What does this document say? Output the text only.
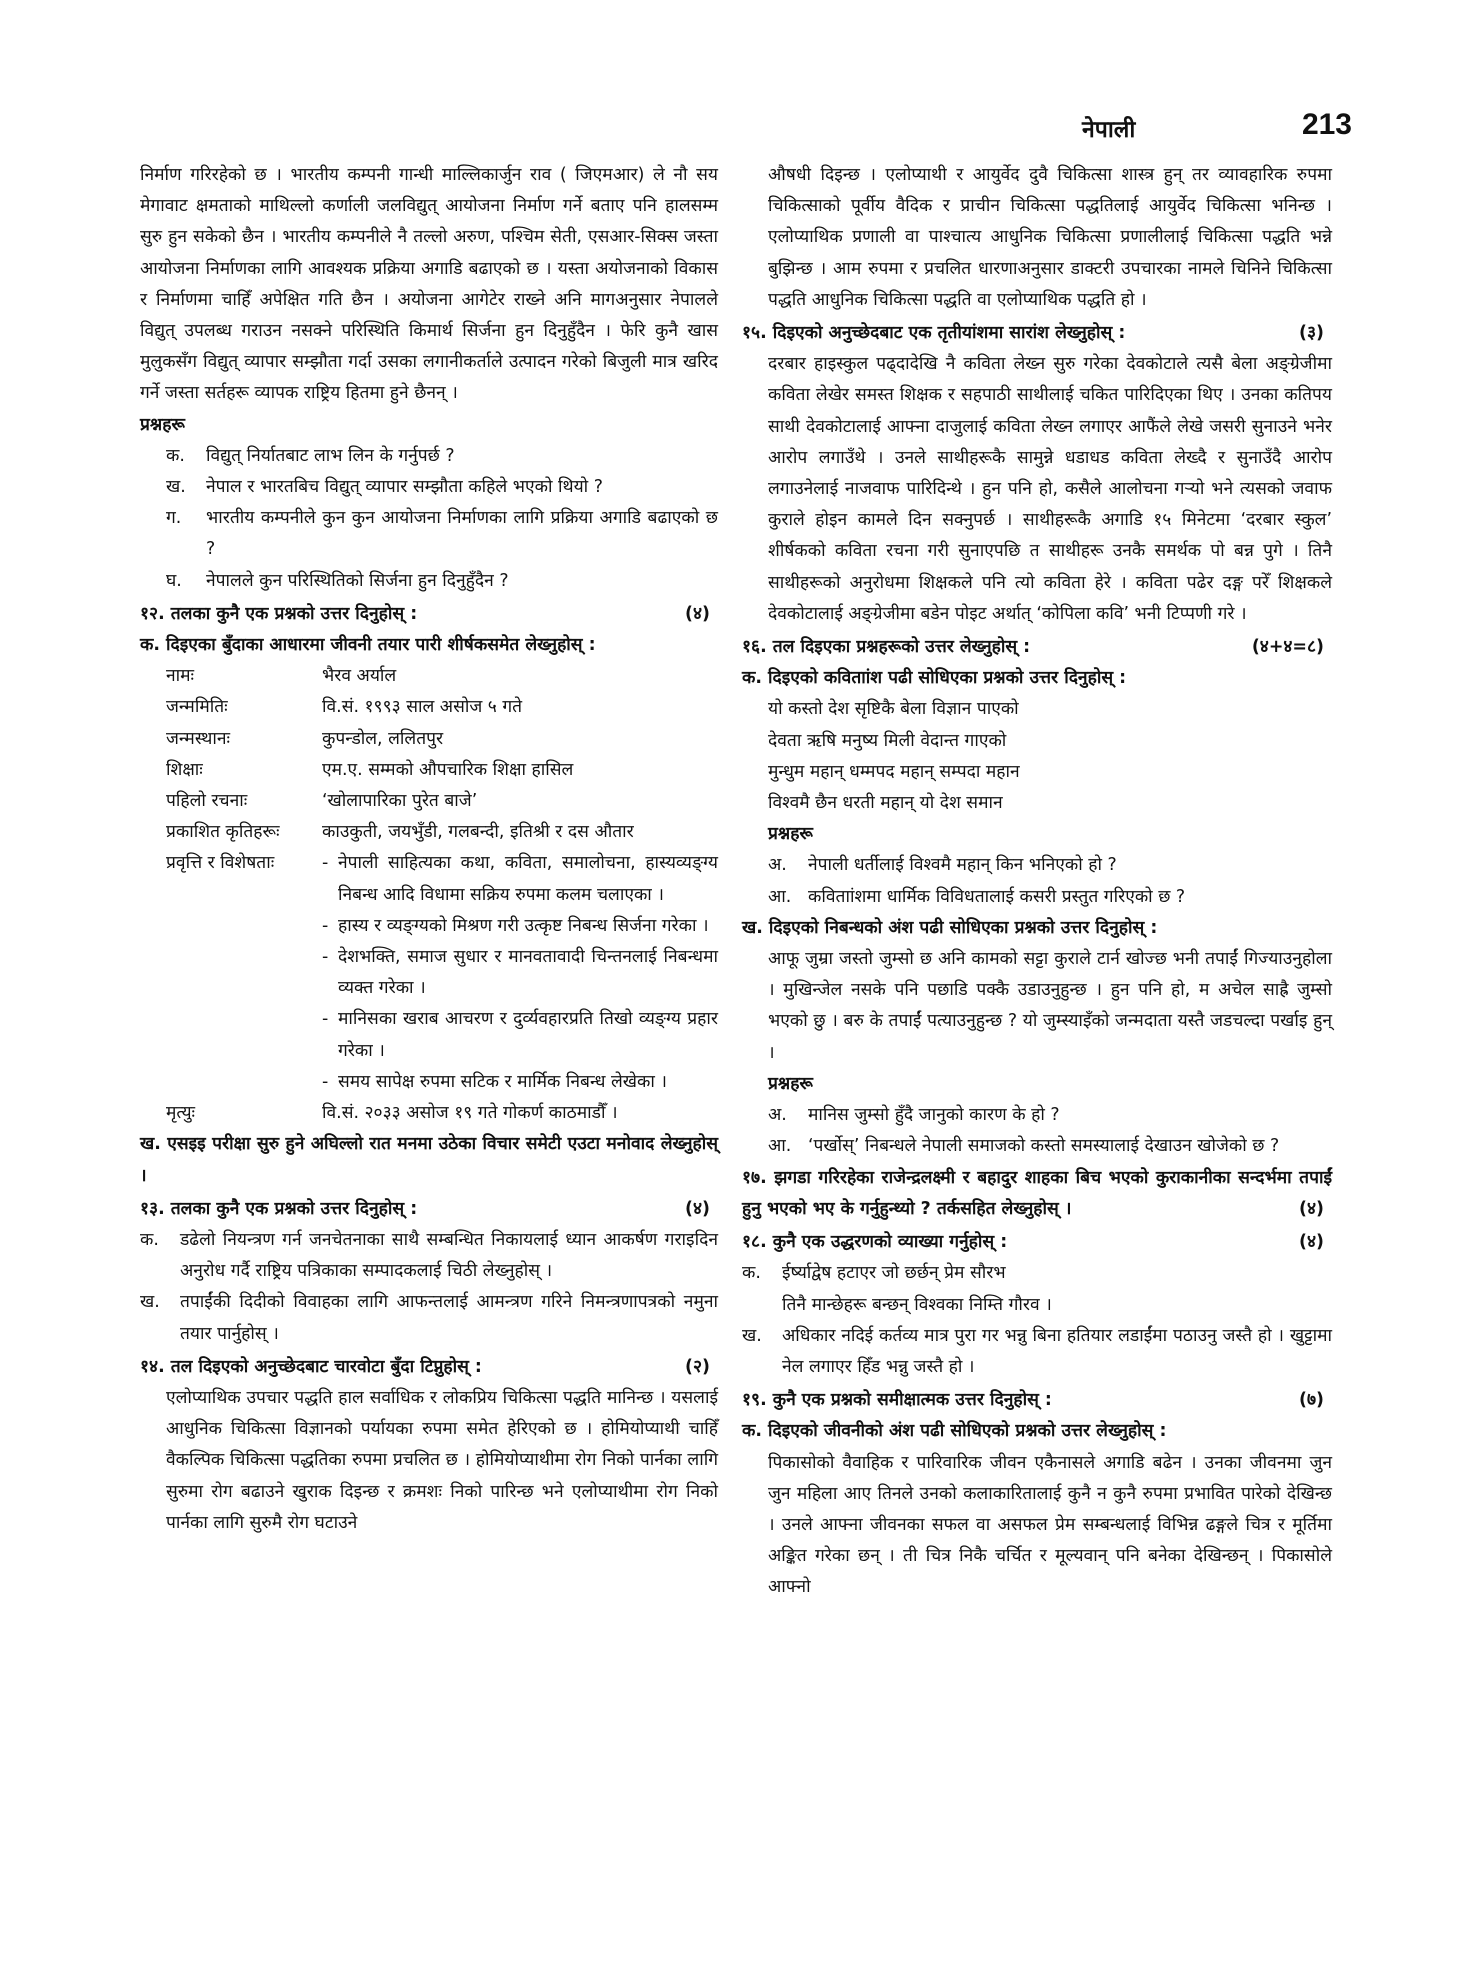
नेपाली	213
निर्माण गरिरहेको छ । भारतीय कम्पनी गान्धी माल्लिकार्जुन राव ( जिएमआर) ले नौ सय मेगावाट क्षमताको माथिल्लो कर्णाली जलविद्युत् आयोजना निर्माण गर्ने बताए पनि हालसम्म सुरु हुन सकेको छैन । भारतीय कम्पनीले नै तल्लो अरुण, पश्चिम सेती, एसआर-सिक्स जस्ता आयोजना निर्माणका लागि आवश्यक प्रक्रिया अगाडि बढाएको छ । यस्ता अयोजनाको विकास र निर्माणमा चाहिँ अपेक्षित गति छैन । अयोजना आगेटेर राख्ने अनि मागअनुसार नेपालले विद्युत् उपलब्ध गराउन नसक्ने परिस्थिति किमार्थ सिर्जना हुन दिनुहुँदैन । फेरि कुनै खास मुलुकसँग विद्युत् व्यापार सम्झौता गर्दा उसका लगानीकर्ताले उत्पादन गरेको बिजुली मात्र खरिद गर्ने जस्ता सर्तहरू व्यापक राष्ट्रिय हितमा हुने छैनन् ।
प्रश्नहरू
क.	विद्युत् निर्यातबाट लाभ लिन के गर्नुपर्छ ?
ख.	नेपाल र भारतबिच विद्युत् व्यापार सम्झौता कहिले भएको थियो ?
ग.	भारतीय कम्पनीले कुन कुन आयोजना निर्माणका लागि प्रक्रिया अगाडि बढाएको छ ?
घ.	नेपालले कुन परिस्थितिको सिर्जना हुन दिनुहुँदैन ?
१२. तलका कुनै एक प्रश्नको उत्तर दिनुहोस् :	(४)
क. दिइएका बुँदाका आधारमा जीवनी तयार पारी शीर्षकसमेत लेख्नुहोस् :
नामः	भैरव अर्याल
जन्ममितिः	वि.सं. १९९३ साल असोज ५ गते
जन्मस्थानः	कुपन्डोल, ललितपुर
शिक्षाः	एम.ए. सम्मको औपचारिक शिक्षा हासिल
पहिलो रचनाः	‘खोलापारिका पुरेत बाजे’
प्रकाशित कृतिहरूः	काउकुती, जयभुँडी, गलबन्दी, इतिश्री र दस औतार
प्रवृत्ति र विशेषताः	- नेपाली साहित्यका कथा, कविता, समालोचना, हास्यव्यङ्ग्य निबन्ध आदि विधामा सक्रिय रुपमा कलम चलाएका ।
- हास्य र व्यङ्ग्यको मिश्रण गरी उत्कृष्ट निबन्ध सिर्जना गरेका ।
- देशभक्ति, समाज सुधार र मानवतावादी चिन्तनलाई निबन्धमा व्यक्त गरेका ।
- मानिसका खराब आचरण र दुर्व्यवहारप्रति तिखो व्यङ्ग्य प्रहार गरेका ।
- समय सापेक्ष रुपमा सटिक र मार्मिक निबन्ध लेखेका ।
मृत्युः	वि.सं. २०३३ असोज १९ गते गोकर्ण काठमाडौँ ।
ख. एसइइ परीक्षा सुरु हुने अघिल्लो रात मनमा उठेका विचार समेटी एउटा मनोवाद लेख्नुहोस् ।
१३. तलका कुनै एक प्रश्नको उत्तर दिनुहोस् :	(४)
क.	डढेलो नियन्त्रण गर्न जनचेतनाका साथै सम्बन्धित निकायलाई ध्यान आकर्षण गराइदिन अनुरोध गर्दै राष्ट्रिय पत्रिकाका सम्पादकलाई चिठी लेख्नुहोस् ।
ख.	तपाईंकी दिदीको विवाहका लागि आफन्तलाई आमन्त्रण गरिने निमन्त्रणापत्रको नमुना तयार पार्नुहोस् ।
१४. तल दिइएको अनुच्छेदबाट चारवोटा बुँदा टिप्नुहोस् :	(२)
एलोप्याथिक उपचार पद्धति हाल सर्वाधिक र लोकप्रिय चिकित्सा पद्धति मानिन्छ । यसलाई आधुनिक चिकित्सा विज्ञानको पर्यायका रुपमा समेत हेरिएको छ । होमियोप्याथी चाहिँ वैकल्पिक चिकित्सा पद्धतिका रुपमा प्रचलित छ । होमियोप्याथीमा रोग निको पार्नका लागि सुरुमा रोग बढाउने खुराक दिइन्छ र क्रमशः निको पारिन्छ भने एलोप्याथीमा रोग निको पार्नका लागि सुरुमै रोग घटाउने
औषधी दिइन्छ । एलोप्याथी र आयुर्वेद दुवै चिकित्सा शास्त्र हुन् तर व्यावहारिक रुपमा चिकित्साको पूर्वीय वैदिक र प्राचीन चिकित्सा पद्धतिलाई आयुर्वेद चिकित्सा भनिन्छ । एलोप्याथिक प्रणाली वा पाश्चात्य आधुनिक चिकित्सा प्रणालीलाई चिकित्सा पद्धति भन्ने बुझिन्छ । आम रुपमा र प्रचलित धारणाअनुसार डाक्टरी उपचारका नामले चिनिने चिकित्सा पद्धति आधुनिक चिकित्सा पद्धति वा एलोप्याथिक पद्धति हो ।
१५. दिइएको अनुच्छेदबाट एक तृतीयांशमा सारांश लेख्नुहोस् :	(३)
दरबार हाइस्कुल पढ्दादेखि नै कविता लेख्न सुरु गरेका देवकोटाले त्यसै बेला अङ्ग्रेजीमा कविता लेखेर समस्त शिक्षक र सहपाठी साथीलाई चकित पारिदिएका थिए । उनका कतिपय साथी देवकोटालाई आफ्ना दाजुलाई कविता लेख्न लगाएर आफैंले लेखे जसरी सुनाउने भनेर आरोप लगाउँथे । उनले साथीहरूकै सामुन्ने धडाधड कविता लेख्दै र सुनाउँदै आरोप लगाउनेलाई नाजवाफ पारिदिन्थे । हुन पनि हो, कसैले आलोचना गऱ्यो भने त्यसको जवाफ कुराले होइन कामले दिन सक्नुपर्छ । साथीहरूकै अगाडि १५ मिनेटमा ‘दरबार स्कुल’ शीर्षकको कविता रचना गरी सुनाएपछि त साथीहरू उनकै समर्थक पो बन्न पुगे । तिनै साथीहरूको अनुरोधमा शिक्षकले पनि त्यो कविता हेरे । कविता पढेर दङ्ग परेँ शिक्षकले देवकोटालाई अङ्ग्रेजीमा बडेन पोइट अर्थात् ‘कोपिला कवि’ भनी टिप्पणी गरे ।
१६. तल दिइएका प्रश्नहरूको उत्तर लेख्नुहोस् :	(४+४=८)
क. दिइएको कविताांश पढी सोधिएका प्रश्नको उत्तर दिनुहोस् :
यो कस्तो देश सृष्टिकै बेला विज्ञान पाएको
देवता ऋषि मनुष्य मिली वेदान्त गाएको
मुन्धुम महान् धम्मपद महान् सम्पदा महान
विश्वमै छैन धरती महान् यो देश समान
प्रश्नहरू
अ.	नेपाली धर्तीलाई विश्वमै महान् किन भनिएको हो ?
आ. कविताांशमा धार्मिक विविधतालाई कसरी प्रस्तुत गरिएको छ ?
ख. दिइएको निबन्धको अंश पढी सोधिएका प्रश्नको उत्तर दिनुहोस् :
आफू जुम्रा जस्तो जुम्सो छ अनि कामको सट्टा कुराले टार्न खोज्छ भनी तपाईं गिज्याउनुहोला । मुखिन्जेल नसके पनि पछाडि पक्कै उडाउनुहुन्छ । हुन पनि हो, म अचेल साह्रै जुम्सो भएको छु । बरु के तपाईं पत्याउनुहुन्छ ? यो जुम्स्याइँको जन्मदाता यस्तै जडचल्दा पर्खाइ हुन् ।
प्रश्नहरू
अ.	मानिस जुम्सो हुँदै जानुको कारण के हो ?
आ. ‘पर्खोस्’ निबन्धले नेपाली समाजको कस्तो समस्यालाई देखाउन खोजेको छ ?
१७. झगडा गरिरहेका राजेन्द्रलक्ष्मी र बहादुर शाहका बिच भएको कुराकानीका सन्दर्भमा तपाईं हुनु भएको भए के गर्नुहुन्थ्यो ? तर्कसहित लेख्नुहोस् ।	(४)
१८. कुनै एक उद्धरणको व्याख्या गर्नुहोस् :	(४)
क.	ईर्ष्याद्वेष हटाएर जो छर्छन् प्रेम सौरभ
तिनै मान्छेहरू बन्छन् विश्वका निम्ति गौरव ।
ख.	अधिकार नदिई कर्तव्य मात्र पुरा गर भन्नु बिना हतियार लडाईंमा पठाउनु जस्तै हो । खुट्टामा नेल लगाएर हिँड भन्नु जस्तै हो ।
१९. कुनै एक प्रश्नको समीक्षात्मक उत्तर दिनुहोस् :	(७)
क. दिइएको जीवनीको अंश पढी सोधिएको प्रश्नको उत्तर लेख्नुहोस् :
पिकासोको वैवाहिक र पारिवारिक जीवन एकैनासले अगाडि बढेन । उनका जीवनमा जुन जुन महिला आए तिनले उनको कलाकारितालाई कुनै न कुनै रुपमा प्रभावित पारेको देखिन्छ । उनले आफ्ना जीवनका सफल वा असफल प्रेम सम्बन्धलाई विभिन्न ढङ्गले चित्र र मूर्तिमा अङ्कित गरेका छन् । ती चित्र निकै चर्चित र मूल्यवान् पनि बनेका देखिन्छन् । पिकासोले आफ्नो
